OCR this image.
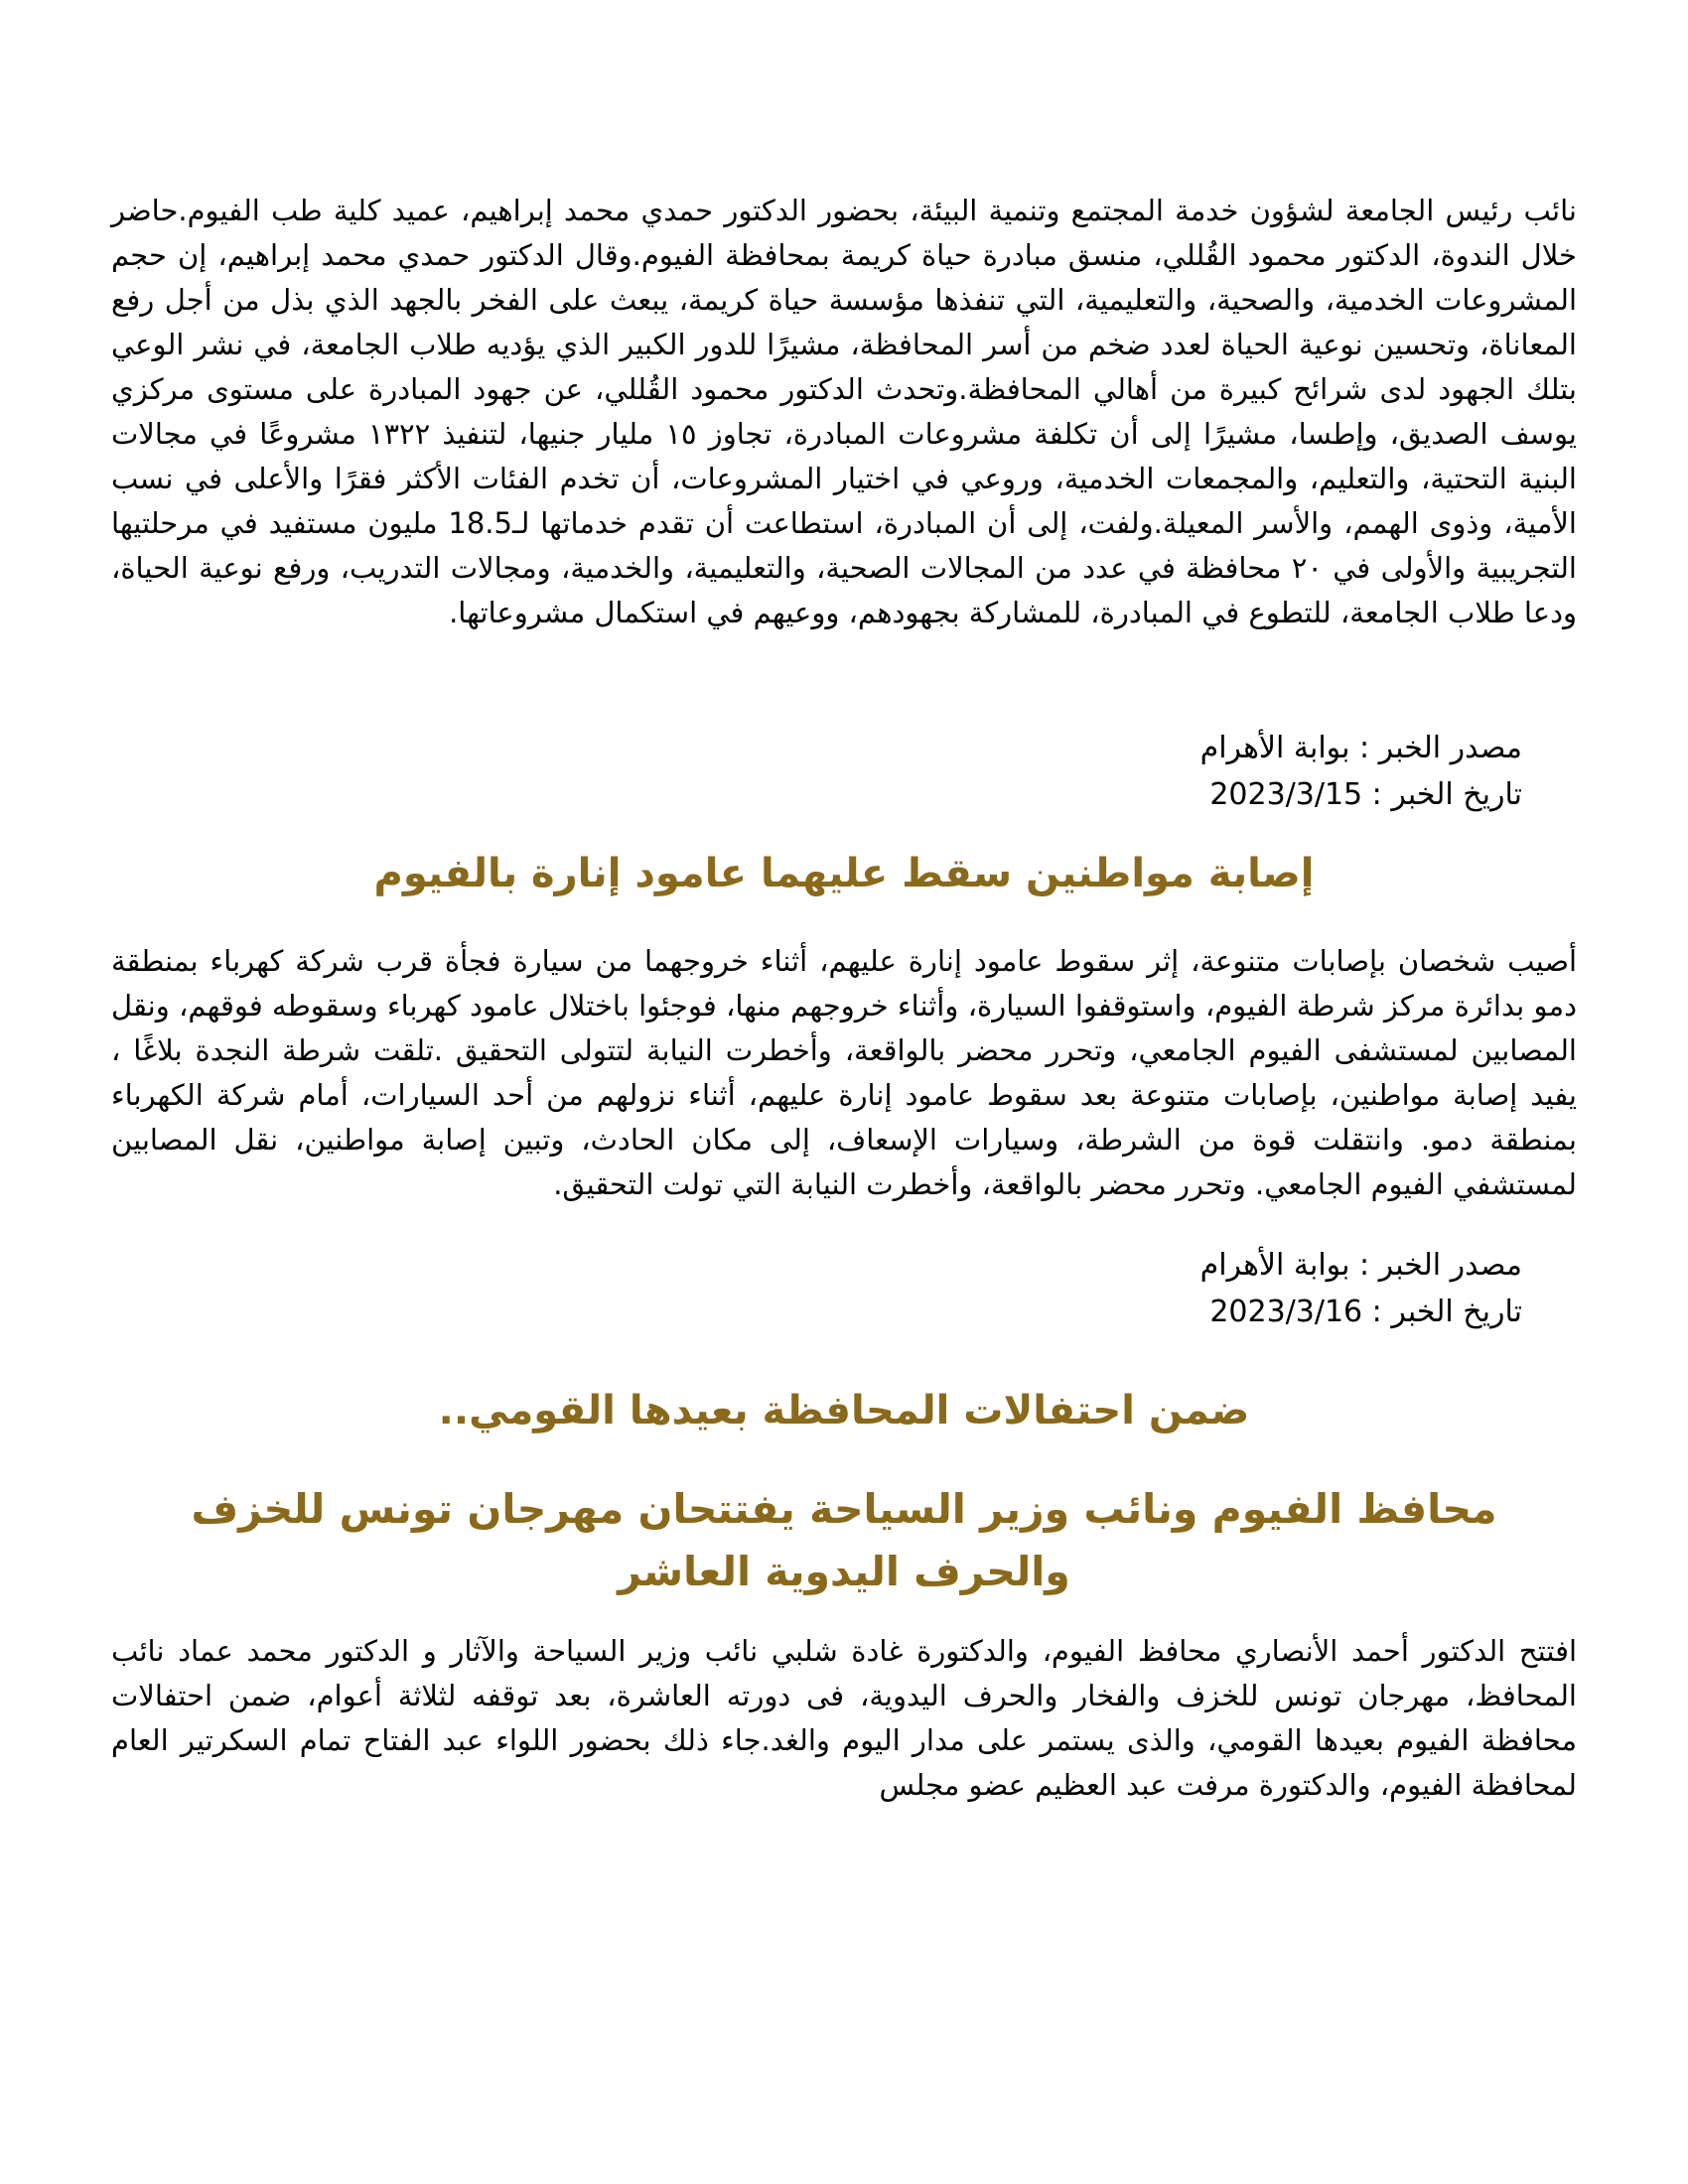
نائب رئيس الجامعة لشؤون خدمة المجتمع وتنمية البيئة، بحضور الدكتور حمدي محمد إبراهيم، عميد كلية طب الفيوم.حاضر خلال الندوة، الدكتور محمود القُللي، منسق مبادرة حياة كريمة بمحافظة الفيوم.وقال الدكتور حمدي محمد إبراهيم، إن حجم المشروعات الخدمية، والصحية، والتعليمية، التي تنفذها مؤسسة حياة كريمة، يبعث على الفخر بالجهد الذي بذل من أجل رفع المعاناة، وتحسين نوعية الحياة لعدد ضخم من أسر المحافظة، مشيرًا للدور الكبير الذي يؤديه طلاب الجامعة، في نشر الوعي بتلك الجهود لدى شرائح كبيرة من أهالي المحافظة.وتحدث الدكتور محمود القُللي، عن جهود المبادرة على مستوى مركزي يوسف الصديق، وإطسا، مشيرًا إلى أن تكلفة مشروعات المبادرة، تجاوز ١٥ مليار جنيها، لتنفيذ ١٣٢٢ مشروعًا في مجالات البنية التحتية، والتعليم، والمجمعات الخدمية، وروعي في اختيار المشروعات، أن تخدم الفئات الأكثر فقرًا والأعلى في نسب الأمية، وذوى الهمم، والأسر المعيلة.ولفت، إلى أن المبادرة، استطاعت أن تقدم خدماتها لـ18.5 مليون مستفيد في مرحلتيها التجريبية والأولى في ٢٠ محافظة في عدد من المجالات الصحية، والتعليمية، والخدمية، ومجالات التدريب، ورفع نوعية الحياة، ودعا طلاب الجامعة، للتطوع في المبادرة، للمشاركة بجهودهم، ووعيهم في استكمال مشروعاتها.

مصدر الخبر : بوابة الأهرام
تاريخ الخبر : 2023/3/15
إصابة مواطنين سقط عليهما عامود إنارة بالفيوم

أصيب شخصان بإصابات متنوعة، إثر سقوط عامود إنارة عليهم، أثناء خروجهما من سيارة فجأة قرب شركة كهرباء بمنطقة دمو بدائرة مركز شرطة الفيوم، واستوقفوا السيارة، وأثناء خروجهم منها، فوجئوا باختلال عامود كهرباء وسقوطه فوقهم، ونقل المصابين لمستشفى الفيوم الجامعي، وتحرر محضر بالواقعة، وأخطرت النيابة لتتولى التحقيق .تلقت شرطة النجدة بلاغًا ، يفيد إصابة مواطنين، بإصابات متنوعة بعد سقوط عامود إنارة عليهم، أثناء نزولهم من أحد السيارات، أمام شركة الكهرباء بمنطقة دمو. وانتقلت قوة من الشرطة، وسيارات الإسعاف، إلى مكان الحادث، وتبين إصابة مواطنين، نقل المصابين لمستشفي الفيوم الجامعي. وتحرر محضر بالواقعة، وأخطرت النيابة التي تولت التحقيق.

مصدر الخبر : بوابة الأهرام
تاريخ الخبر : 2023/3/16
ضمن احتفالات المحافظة بعيدها القومي..
محافظ الفيوم ونائب وزير السياحة يفتتحان مهرجان تونس للخزف والحرف اليدوية العاشر

افتتح الدكتور أحمد الأنصاري محافظ الفيوم، والدكتورة غادة شلبي نائب وزير السياحة والآثار و الدكتور محمد عماد نائب المحافظ، مهرجان تونس للخزف والفخار والحرف اليدوية، فى دورته العاشرة، بعد توقفه لثلاثة أعوام، ضمن احتفالات محافظة الفيوم بعيدها القومي، والذى يستمر على مدار اليوم والغد.جاء ذلك بحضور اللواء عبد الفتاح تمام السكرتير العام لمحافظة الفيوم، والدكتورة مرفت عبد العظيم عضو مجلس
